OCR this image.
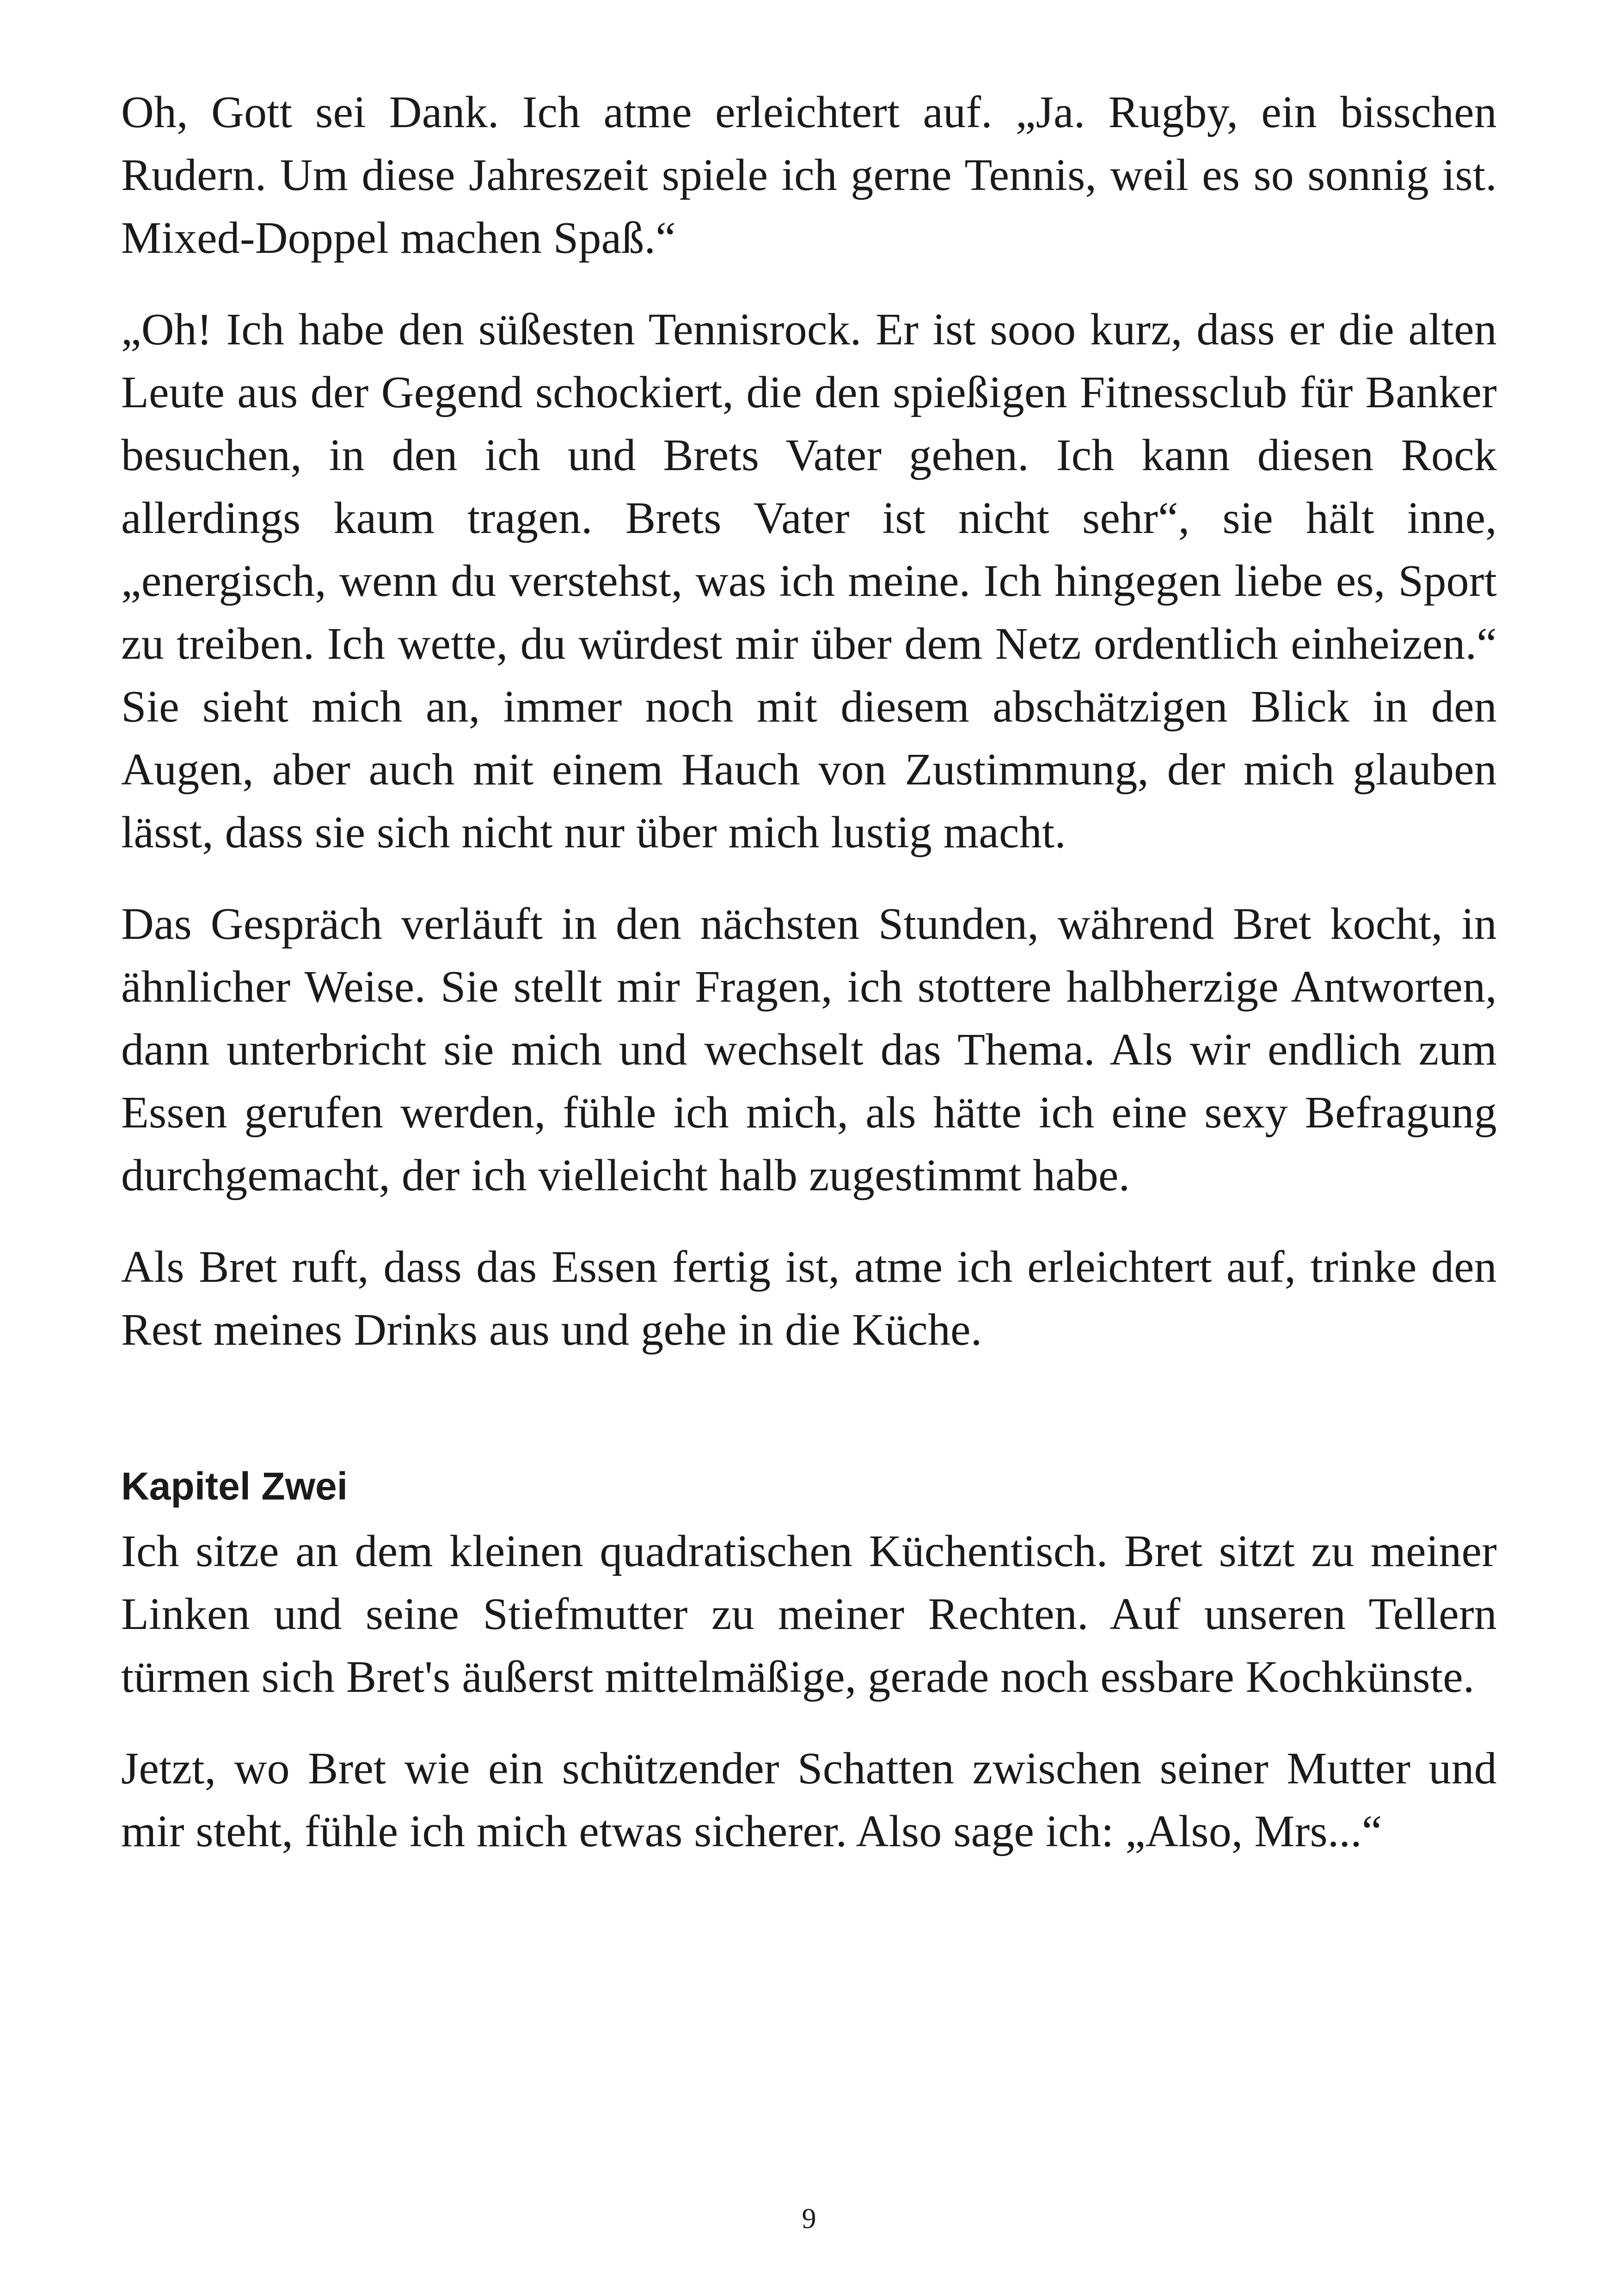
Oh, Gott sei Dank. Ich atme erleichtert auf. „Ja. Rugby, ein bisschen Rudern. Um diese Jahreszeit spiele ich gerne Tennis, weil es so sonnig ist. Mixed-Doppel machen Spaß.“

„Oh! Ich habe den süßesten Tennisrock. Er ist sooo kurz, dass er die alten Leute aus der Gegend schockiert, die den spießigen Fitnessclub für Banker besuchen, in den ich und Brets Vater gehen. Ich kann diesen Rock allerdings kaum tragen. Brets Vater ist nicht sehr“, sie hält inne, „energisch, wenn du verstehst, was ich meine. Ich hingegen liebe es, Sport zu treiben. Ich wette, du würdest mir über dem Netz ordentlich einheizen.“ Sie sieht mich an, immer noch mit diesem abschätzigen Blick in den Augen, aber auch mit einem Hauch von Zustimmung, der mich glauben lässt, dass sie sich nicht nur über mich lustig macht.

Das Gespräch verläuft in den nächsten Stunden, während Bret kocht, in ähnlicher Weise. Sie stellt mir Fragen, ich stottere halbherzige Antworten, dann unterbricht sie mich und wechselt das Thema. Als wir endlich zum Essen gerufen werden, fühle ich mich, als hätte ich eine sexy Befragung durchgemacht, der ich vielleicht halb zugestimmt habe.

Als Bret ruft, dass das Essen fertig ist, atme ich erleichtert auf, trinke den Rest meines Drinks aus und gehe in die Küche.

Kapitel Zwei

Ich sitze an dem kleinen quadratischen Küchentisch. Bret sitzt zu meiner Linken und seine Stiefmutter zu meiner Rechten. Auf unseren Tellern türmen sich Bret's äußerst mittelmäßige, gerade noch essbare Kochkünste.

Jetzt, wo Bret wie ein schützender Schatten zwischen seiner Mutter und mir steht, fühle ich mich etwas sicherer. Also sage ich: „Also, Mrs...“

9
